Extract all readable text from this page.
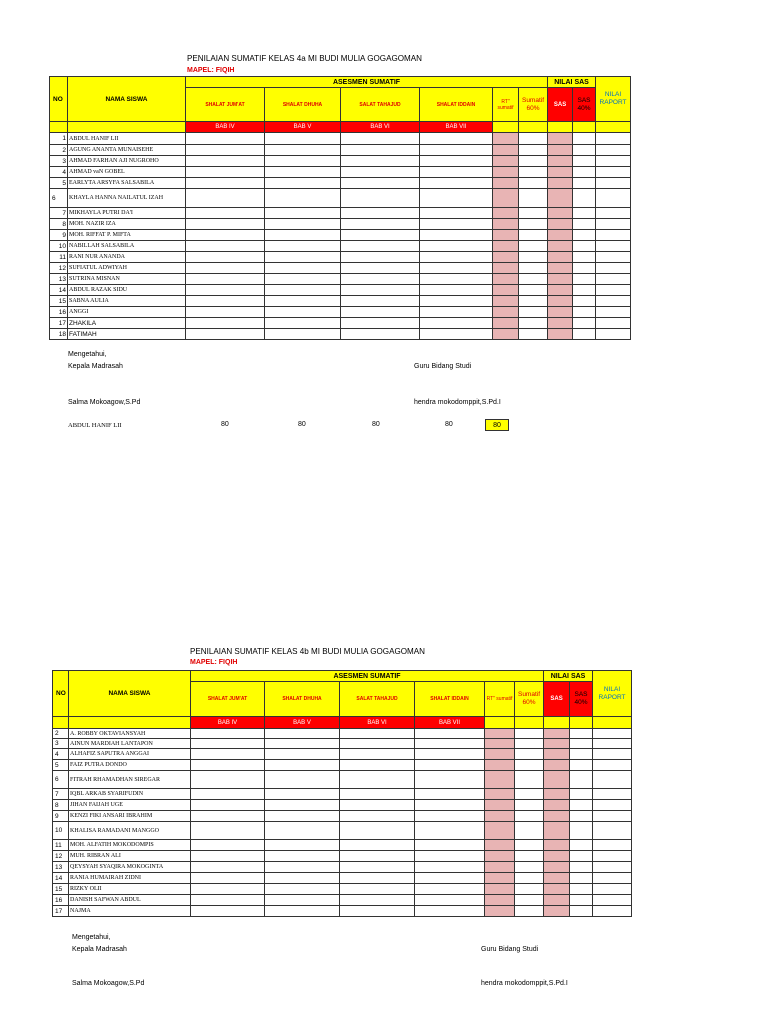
PENILAIAN SUMATIF KELAS 4a MI BUDI MULIA GOGAGOMAN
MAPEL: FIQIH
NO	NAMA SISWA	ASESMEN SUMATIF						NILAI SAS		NILAI RAPORT
		SHALAT JUM'AT	SHALAT DHUHA	SALAT TAHAJUD	SHALAT IDDAIN	RT" sumatif	Sumatif 60%	SAS	SAS 40%	
		BAB IV	BAB V	BAB VI	BAB VII					
1	ABDUL HANIF LII									
2	AGUNG ANANTA MUNAISEHE									
3	AHMAD FARHAN AJI NUGROHO									
4	AHMAD vaN GOBEL									
5	EARLYTA ARSYFA SALSABILA									
6	KHAYLA HANNA NAILATUL IZAH									
7	MIKHAYLA PUTRI DA'I									
8	MOH. NAZIR IZA									
9	MOH. RIFFAT P. MIFTA									
10	NABILLAH SALSABILA									
11	RANI NUR ANANDA									
12	SUFIATUL ADWIYAH									
13	SUTRINA MISNAN									
14	ABDUL RAZAK SIDU									
15	SABNA AULIA									
16	ANGGI									
17	ZHAKILA									
18	FATIMAH									
Mengetahui,
Kepala Madrasah	Guru Bidang Studi
Salma Mokoagow,S.Pd	hendra mokodomppit,S.Pd.I
ABDUL HANIF LII	80	80	80	80	80
PENILAIAN SUMATIF KELAS 4b MI BUDI MULIA GOGAGOMAN
MAPEL: FIQIH
NO	NAMA SISWA	ASESMEN SUMATIF						NILAI SAS		NILAI RAPORT
		SHALAT JUM'AT	SHALAT DHUHA	SALAT TAHAJUD	SHALAT IDDAIN	RT" sumatif	Sumatif 60%	SAS	SAS 40%	
		BAB IV	BAB V	BAB VI	BAB VII					
2	A. ROBBY OKTAVIANSYAH									
3	AINUN MARDIAH LANTAPON									
4	ALHAFIZ SAPUTRA ANGGAI									
5	FAIZ PUTRA DONDO									
6	FITRAH RHAMADHAN SIREGAR									
7	IQBL ARKAB SYARIFUDIN									
8	JIHAN FAIJAH UGE									
9	KENZI FIKI ANSARI IBRAHIM									
10	KHALISA RAMADANI MANGGO									
11	MOH. ALFATIH MOKODOMPIS									
12	MUH. RIBRAN ALI									
13	QEYSYAH SYAQIRA MOKOGINTA									
14	RANIA HUMAIRAH ZIDNI									
15	RIZKY OLII									
16	DANISH SAFWAN ABDUL									
17	NAJMA									
Mengetahui,
Kepala Madrasah	Guru Bidang Studi
Salma Mokoagow,S.Pd	hendra mokodomppit,S.Pd.I
